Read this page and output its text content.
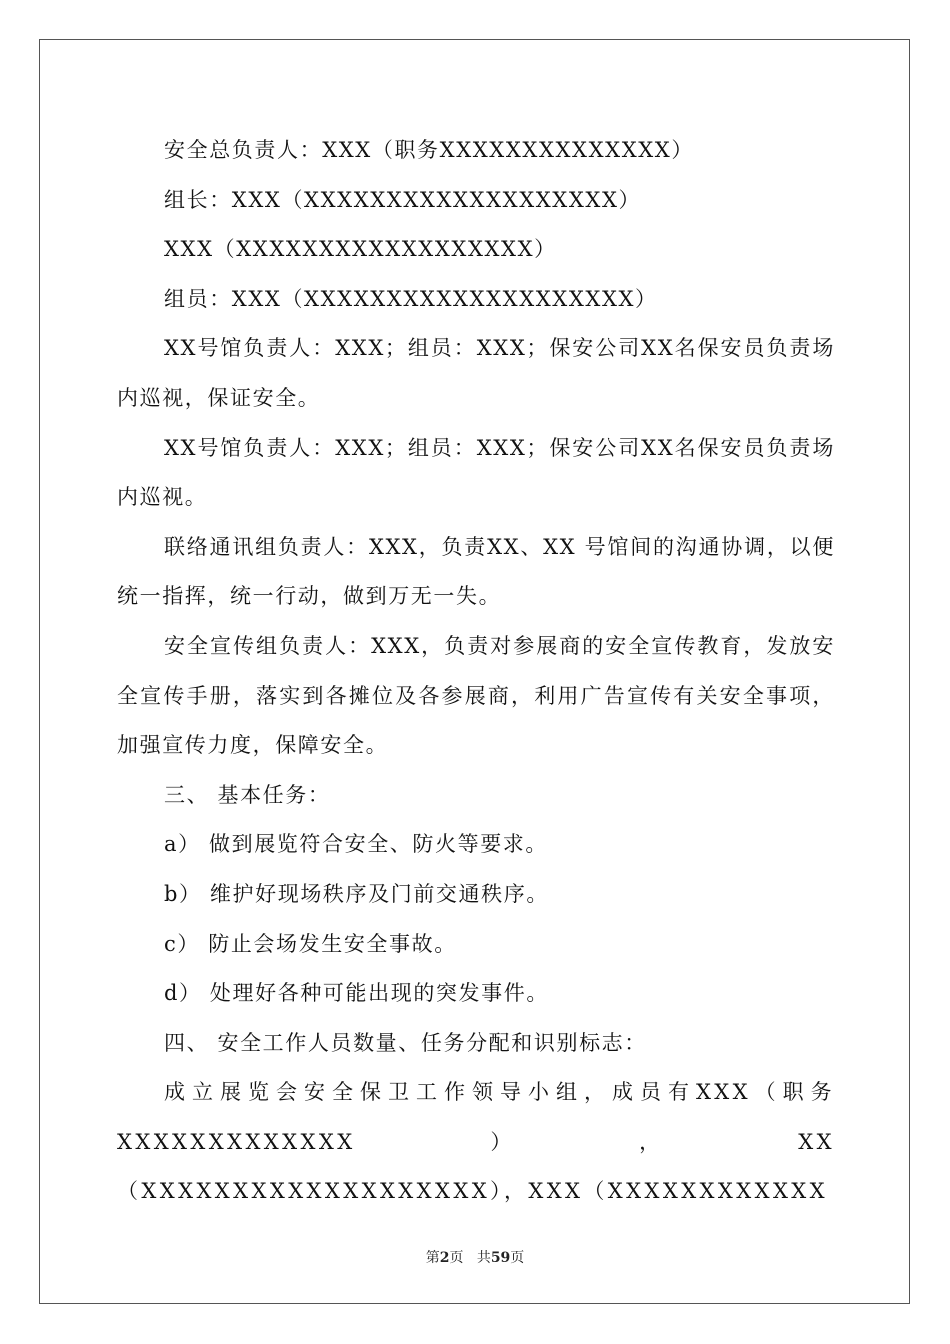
安全总负责人：XXX（职务XXXXXXXXXXXXXX）

组长：XXX（XXXXXXXXXXXXXXXXXXX）

XXX（XXXXXXXXXXXXXXXXXX）

组员：XXX（XXXXXXXXXXXXXXXXXXXX）

XX号馆负责人：XXX；组员：XXX；保安公司XX名保安员负责场内巡视，保证安全。

XX号馆负责人：XXX；组员：XXX；保安公司XX名保安员负责场内巡视。

联络通讯组负责人：XXX，负责XX、XX 号馆间的沟通协调，以便统一指挥，统一行动，做到万无一失。

安全宣传组负责人：XXX，负责对参展商的安全宣传教育，发放安全宣传手册，落实到各摊位及各参展商，利用广告宣传有关安全事项，加强宣传力度，保障安全。

三、 基本任务：

a） 做到展览符合安全、防火等要求。

b） 维护好现场秩序及门前交通秩序。

c） 防止会场发生安全事故。

d） 处理好各种可能出现的突发事件。

四、 安全工作人员数量、任务分配和识别标志：

成立展览会安全保卫工作领导小组，成员有XXX（职务XXXXXXXXXXXXX），XX（XXXXXXXXXXXXXXXXXXX），XXX（XXXXXXXXXXXX

第2页 共59页
